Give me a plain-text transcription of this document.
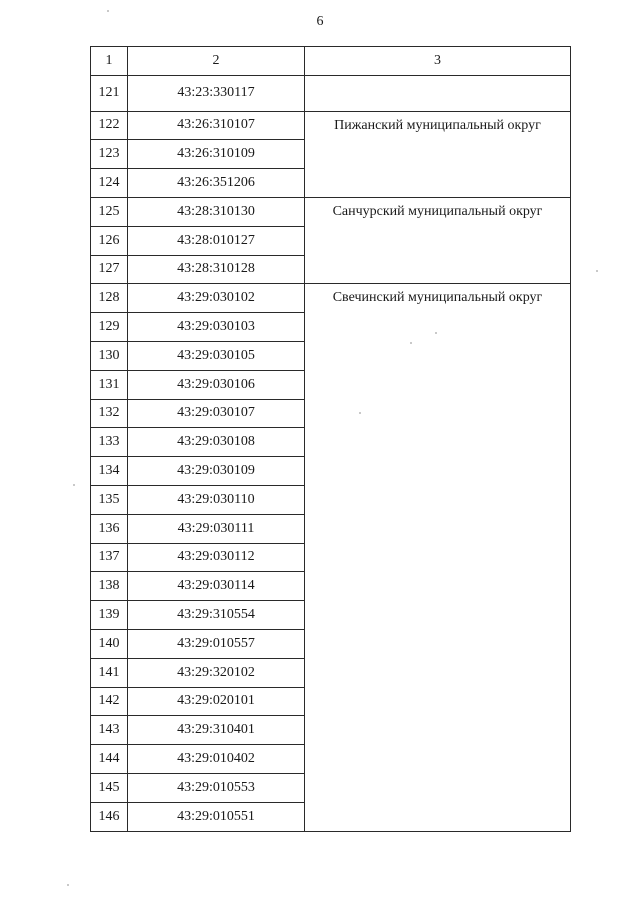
6
1	2	3
121	43:23:330117	
122	43:26:310107	Пижанский муниципальный округ
123	43:26:310109	
124	43:26:351206	
125	43:28:310130	Санчурский муниципальный округ
126	43:28:010127	
127	43:28:310128	
128	43:29:030102	Свечинский муниципальный округ
129	43:29:030103	
130	43:29:030105	
131	43:29:030106	
132	43:29:030107	
133	43:29:030108	
134	43:29:030109	
135	43:29:030110	
136	43:29:030111	
137	43:29:030112	
138	43:29:030114	
139	43:29:310554	
140	43:29:010557	
141	43:29:320102	
142	43:29:020101	
143	43:29:310401	
144	43:29:010402	
145	43:29:010553	
146	43:29:010551	
